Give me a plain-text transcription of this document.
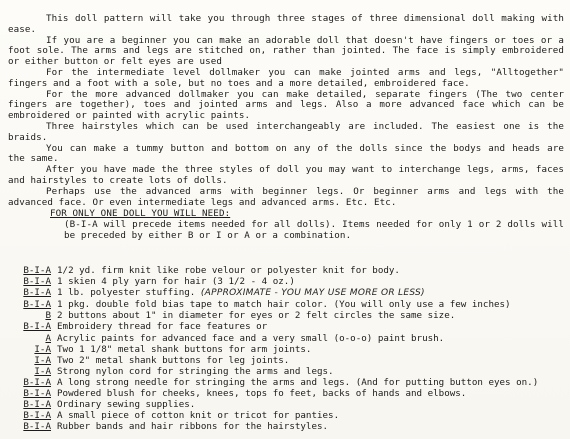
This doll pattern will take you through three stages of three dimensional doll making with ease.

If you are a beginner you can make an adorable doll that doesn't have fingers or toes or a foot sole. The arms and legs are stitched on, rather than jointed. The face is simply embroidered or either button or felt eyes are used

For the intermediate level dollmaker you can make jointed arms and legs, "Alltogether" fingers and a foot with a sole, but no toes and a more detailed, embroidered face.

For the more advanced dollmaker you can make detailed, separate fingers (The two center fingers are together), toes and jointed arms and legs. Also a more advanced face which can be embroidered or painted with acrylic paints.

Three hairstyles which can be used interchangeably are included. The easiest one is the braids.

You can make a tummy button and bottom on any of the dolls since the bodys and heads are the same.

After you have made the three styles of doll you may want to interchange legs, arms, faces and hairstyles to create lots of dolls.

Perhaps use the advanced arms with beginner legs. Or beginner arms and legs with the advanced face. Or even intermediate legs and advanced arms. Etc. Etc.

FOR ONLY ONE DOLL YOU WILL NEED:

(B-I-A will precede items needed for all dolls). Items needed for only 1 or 2 dolls will be preceded by either B or I or A or a combination.

B-I-A 1/2 yd. firm knit like robe velour or polyester knit for body.
B-I-A 1 skien 4 ply yarn for hair (3 1/2 - 4 oz.)
B-I-A 1 lb. polyester stuffing. (APPROXIMATE - YOU MAY USE MORE OR LESS)
B-I-A 1 pkg. double fold bias tape to match hair color. (You will only use a few inches)
B 2 buttons about 1" in diameter for eyes or 2 felt circles the same size.
B-I-A Embroidery thread for face features or
A Acrylic paints for advanced face and a very small (o-o-o) paint brush.
I-A Two 1 1/8" metal shank buttons for arm joints.
I-A Two 2" metal shank buttons for leg joints.
I-A Strong nylon cord for stringing the arms and legs.
B-I-A A long strong needle for stringing the arms and legs. (And for putting button eyes on.)
B-I-A Powdered blush for cheeks, knees, tops fo feet, backs of hands and elbows.
B-I-A Ordinary sewing supplies.
B-I-A A small piece of cotton knit or tricot for panties.
B-I-A Rubber bands and hair ribbons for the hairstyles.
